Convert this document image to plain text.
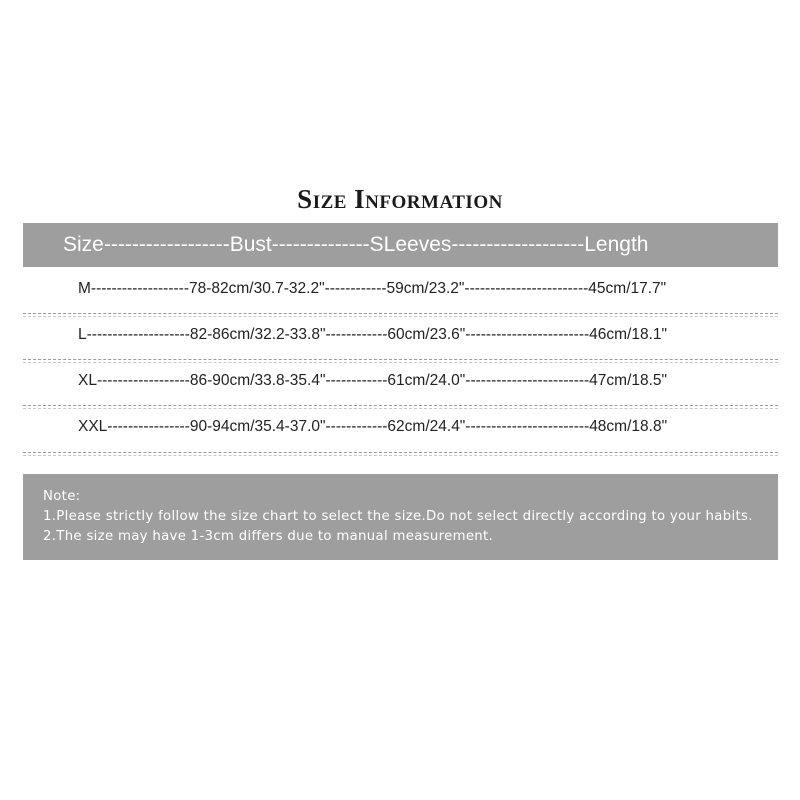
Size Information
Size------------------Bust--------------SLeeves-------------------Length
M-------------------78-82cm/30.7-32.2"------------59cm/23.2"------------------------45cm/17.7"
L--------------------82-86cm/32.2-33.8"------------60cm/23.6"------------------------46cm/18.1"
XL------------------86-90cm/33.8-35.4"------------61cm/24.0"------------------------47cm/18.5"
XXL----------------90-94cm/35.4-37.0"------------62cm/24.4"------------------------48cm/18.8"
Note:
1.Please strictly follow the size chart to select the size.Do not select directly according to your habits.
2.The size may have 1-3cm differs due to manual measurement.
